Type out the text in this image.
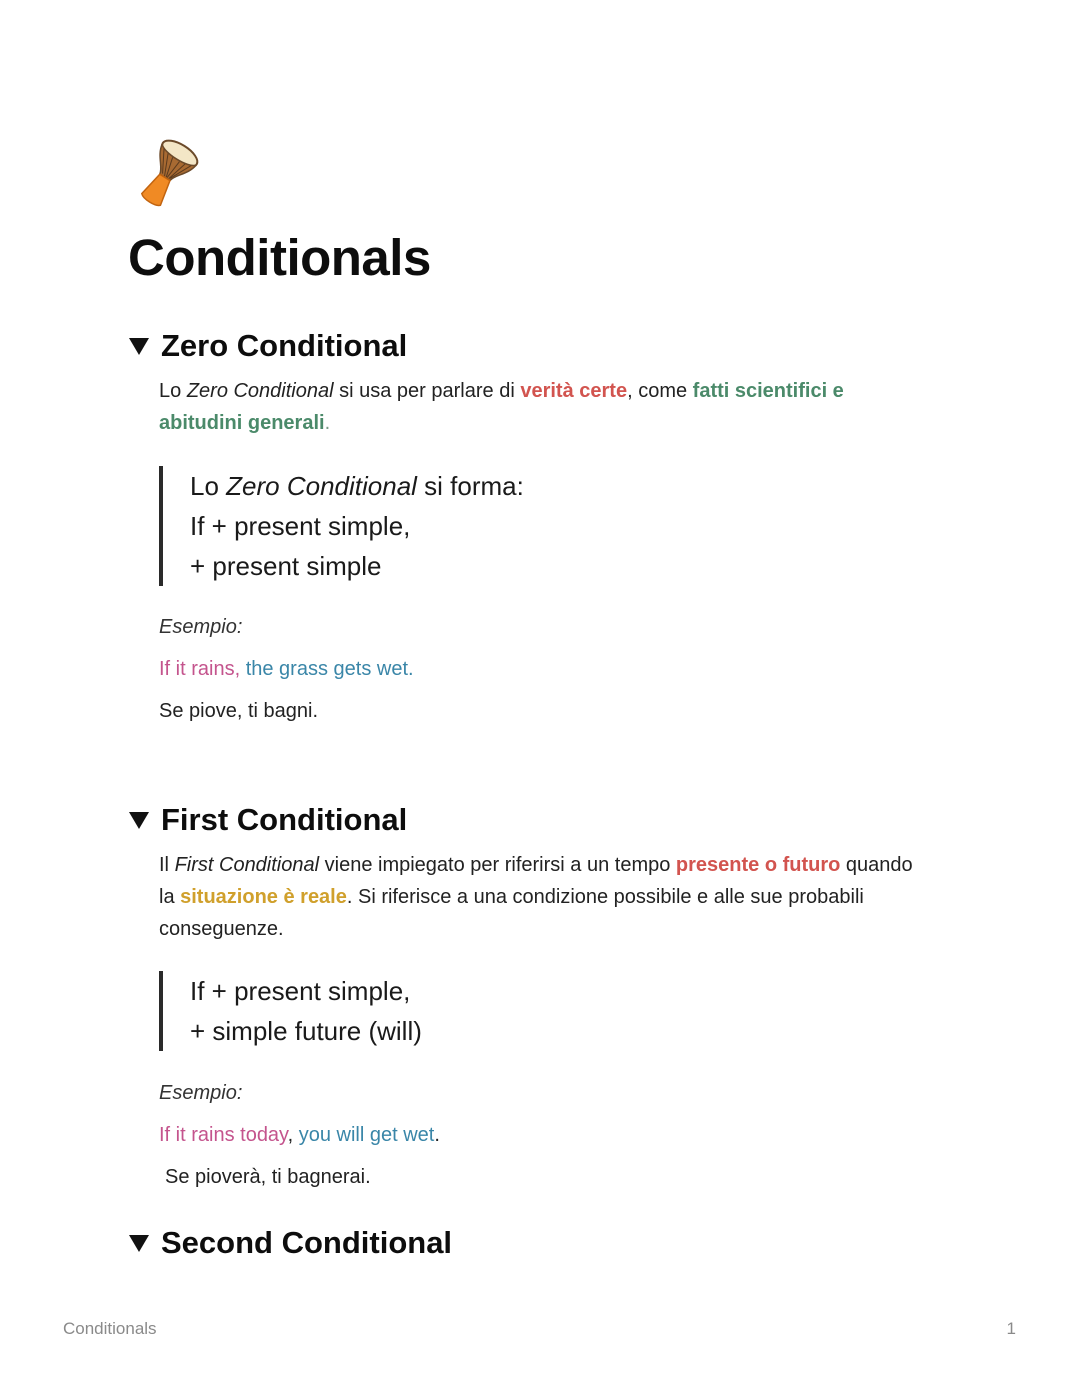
Conditionals
Zero Conditional

Lo Zero Conditional si usa per parlare di verità certe, come fatti scientifici e abitudini generali.

Lo Zero Conditional si forma:
If + present simple,
+ present simple

Esempio:

If it rains, the grass gets wet.

Se piove, ti bagni.

First Conditional

Il First Conditional viene impiegato per riferirsi a un tempo presente o futuro quando la situazione è reale. Si riferisce a una condizione possibile e alle sue probabili conseguenze.

If + present simple,
+ simple future (will)

Esempio:

If it rains today, you will get wet.

Se pioverà, ti bagnerai.

Second Conditional
Conditionals	1
